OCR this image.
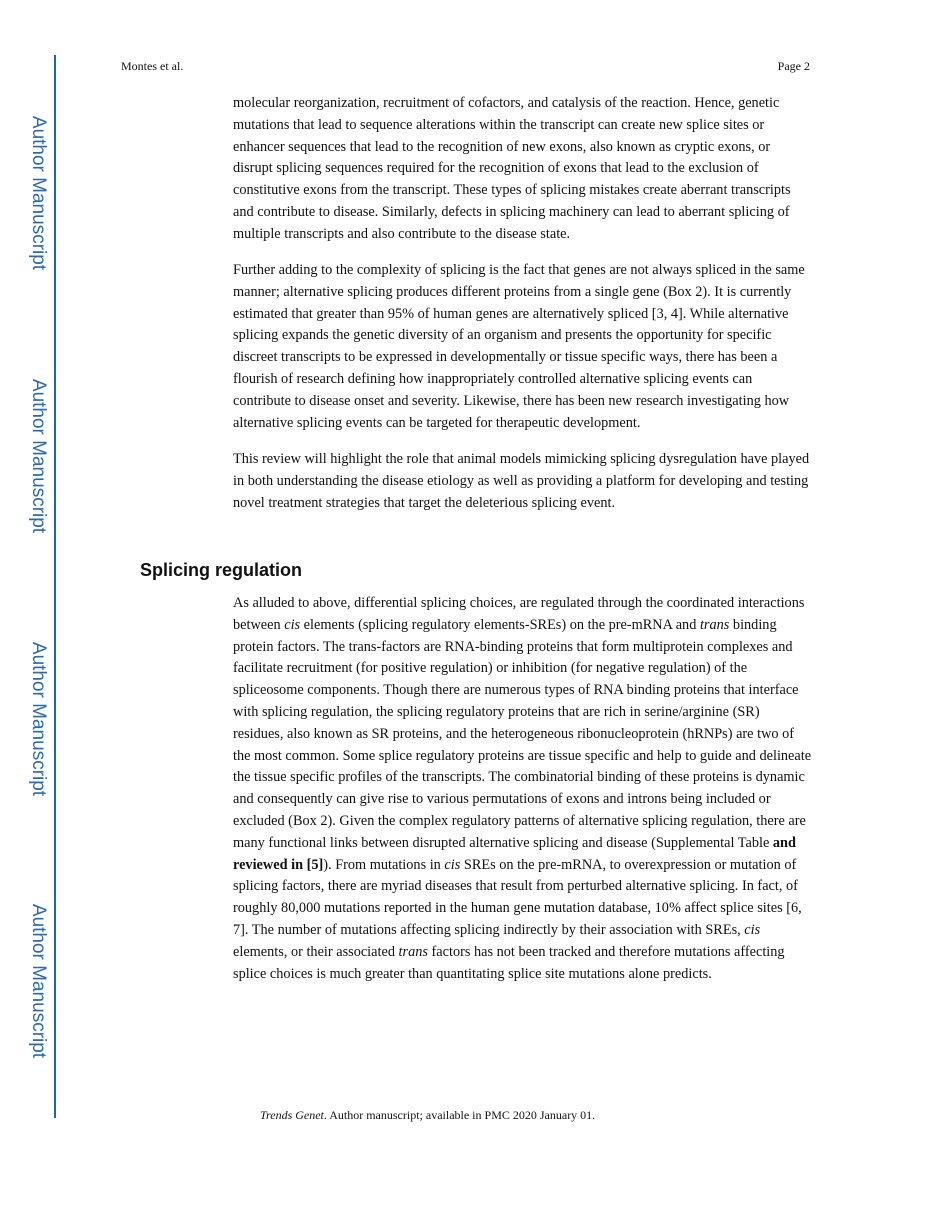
Author Manuscript
Author Manuscript
Author Manuscript
Author Manuscript
Montes et al.	Page 2

molecular reorganization, recruitment of cofactors, and catalysis of the reaction. Hence, genetic mutations that lead to sequence alterations within the transcript can create new splice sites or enhancer sequences that lead to the recognition of new exons, also known as cryptic exons, or disrupt splicing sequences required for the recognition of exons that lead to the exclusion of constitutive exons from the transcript. These types of splicing mistakes create aberrant transcripts and contribute to disease. Similarly, defects in splicing machinery can lead to aberrant splicing of multiple transcripts and also contribute to the disease state.

Further adding to the complexity of splicing is the fact that genes are not always spliced in the same manner; alternative splicing produces different proteins from a single gene (Box 2). It is currently estimated that greater than 95% of human genes are alternatively spliced [3, 4]. While alternative splicing expands the genetic diversity of an organism and presents the opportunity for specific discreet transcripts to be expressed in developmentally or tissue specific ways, there has been a flourish of research defining how inappropriately controlled alternative splicing events can contribute to disease onset and severity. Likewise, there has been new research investigating how alternative splicing events can be targeted for therapeutic development.

This review will highlight the role that animal models mimicking splicing dysregulation have played in both understanding the disease etiology as well as providing a platform for developing and testing novel treatment strategies that target the deleterious splicing event.

Splicing regulation

As alluded to above, differential splicing choices, are regulated through the coordinated interactions between cis elements (splicing regulatory elements-SREs) on the pre-mRNA and trans binding protein factors. The trans-factors are RNA-binding proteins that form multiprotein complexes and facilitate recruitment (for positive regulation) or inhibition (for negative regulation) of the spliceosome components. Though there are numerous types of RNA binding proteins that interface with splicing regulation, the splicing regulatory proteins that are rich in serine/arginine (SR) residues, also known as SR proteins, and the heterogeneous ribonucleoprotein (hRNPs) are two of the most common. Some splice regulatory proteins are tissue specific and help to guide and delineate the tissue specific profiles of the transcripts. The combinatorial binding of these proteins is dynamic and consequently can give rise to various permutations of exons and introns being included or excluded (Box 2). Given the complex regulatory patterns of alternative splicing regulation, there are many functional links between disrupted alternative splicing and disease (Supplemental Table and reviewed in [5]). From mutations in cis SREs on the pre-mRNA, to overexpression or mutation of splicing factors, there are myriad diseases that result from perturbed alternative splicing. In fact, of roughly 80,000 mutations reported in the human gene mutation database, 10% affect splice sites [6, 7]. The number of mutations affecting splicing indirectly by their association with SREs, cis elements, or their associated trans factors has not been tracked and therefore mutations affecting splice choices is much greater than quantitating splice site mutations alone predicts.

Trends Genet. Author manuscript; available in PMC 2020 January 01.
